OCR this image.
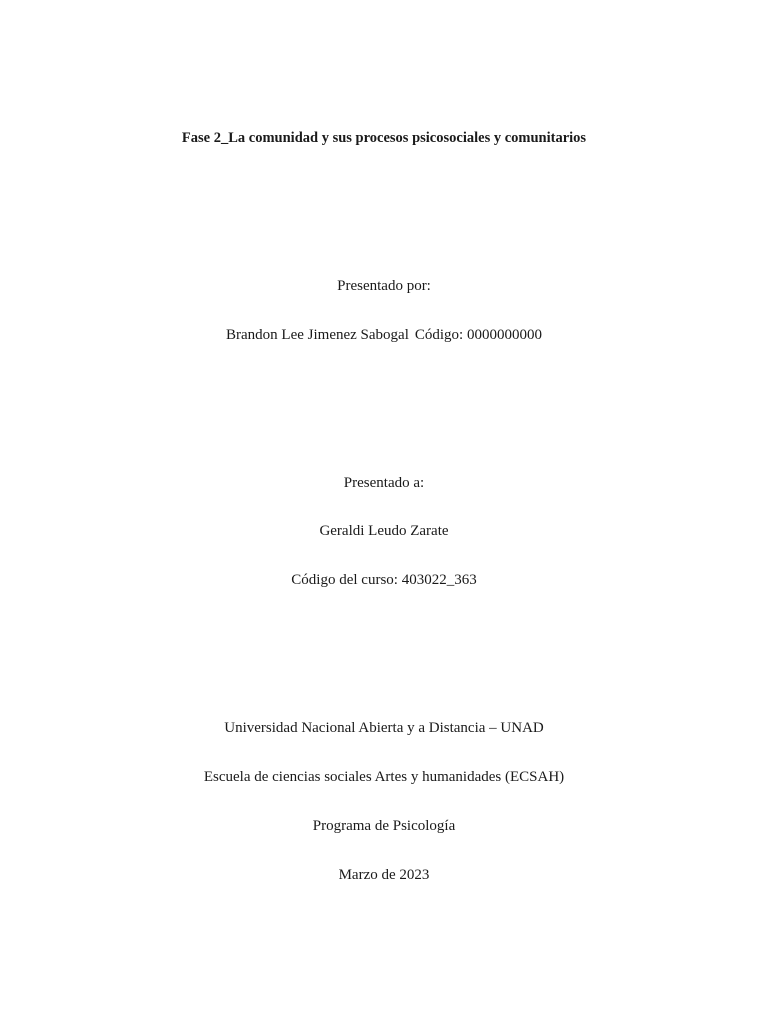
Fase 2_La comunidad y sus procesos psicosociales y comunitarios
Presentado por:
Brandon Lee Jimenez Sabogal Código: 0000000000
Presentado a:
Geraldi Leudo Zarate
Código del curso: 403022_363
Universidad Nacional Abierta y a Distancia – UNAD
Escuela de ciencias sociales Artes y humanidades (ECSAH)
Programa de Psicología
Marzo de 2023
